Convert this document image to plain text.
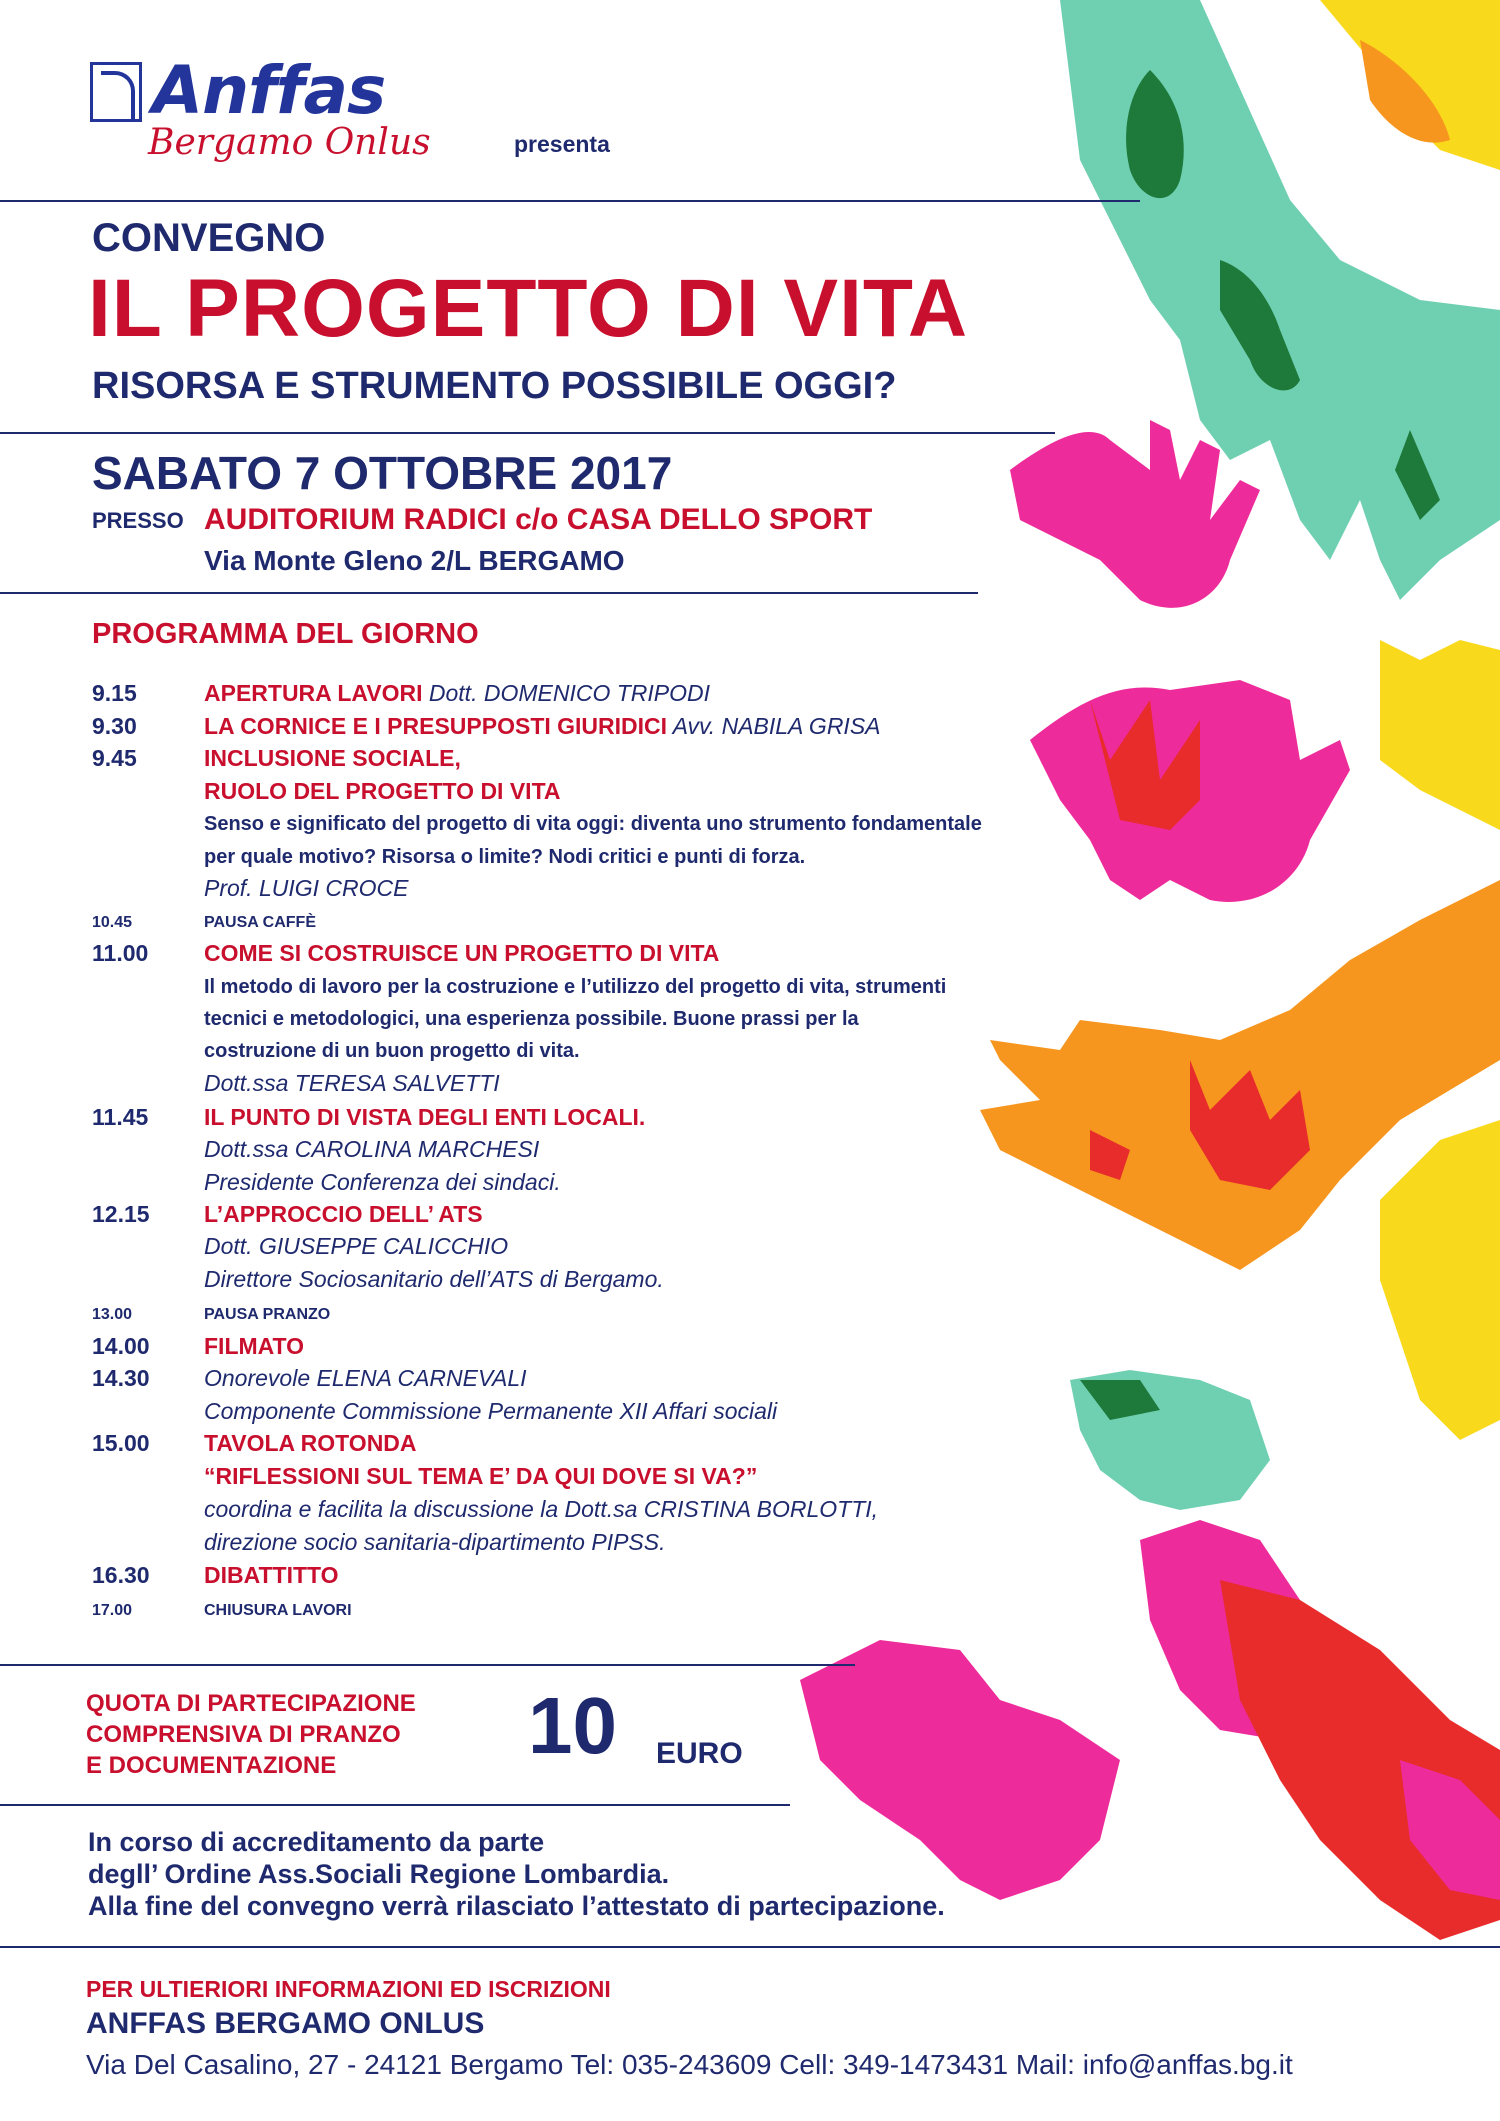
Anffas
Bergamo Onlus	presenta
CONVEGNO
IL PROGETTO DI VITA
RISORSA E STRUMENTO POSSIBILE OGGI?
SABATO 7 OTTOBRE 2017
PRESSO AUDITORIUM RADICI c/o CASA DELLO SPORT
Via Monte Gleno 2/L BERGAMO
PROGRAMMA DEL GIORNO
9.15	APERTURA LAVORI Dott. DOMENICO TRIPODI
9.30	LA CORNICE E I PRESUPPOSTI GIURIDICI Avv. NABILA GRISA
9.45	INCLUSIONE SOCIALE,
RUOLO DEL PROGETTO DI VITA
Senso e significato del progetto di vita oggi: diventa uno strumento fondamentale
per quale motivo? Risorsa o limite? Nodi critici e punti di forza.
Prof. LUIGI CROCE
10.45	PAUSA CAFFÈ
11.00 COME SI COSTRUISCE UN PROGETTO DI VITA
Il metodo di lavoro per la costruzione e l’utilizzo del progetto di vita, strumenti
tecnici e metodologici, una esperienza possibile. Buone prassi per la
costruzione di un buon progetto di vita.
Dott.ssa TERESA SALVETTI
11.45 IL PUNTO DI VISTA DEGLI ENTI LOCALI.
Dott.ssa CAROLINA MARCHESI
Presidente Conferenza dei sindaci.
12.15 L’APPROCCIO DELL’ ATS
Dott. GIUSEPPE CALICCHIO
Direttore Sociosanitario dell’ATS di Bergamo.
13.00	PAUSA PRANZO
14.00 FILMATO
14.30 Onorevole ELENA CARNEVALI
Componente Commissione Permanente XII Affari sociali
15.00 TAVOLA ROTONDA
“RIFLESSIONI SUL TEMA E’ DA QUI DOVE SI VA?”
coordina e facilita la discussione la Dott.sa CRISTINA BORLOTTI,
direzione socio sanitaria-dipartimento PIPSS.
16.30 DIBATTITTO
17.00	CHIUSURA LAVORI
QUOTA DI PARTECIPAZIONE
COMPRENSIVA DI PRANZO
E DOCUMENTAZIONE	10 EURO
In corso di accreditamento da parte
degll’ Ordine Ass.Sociali Regione Lombardia.
Alla fine del convegno verrà rilasciato l’attestato di partecipazione.
PER ULTIERIORI INFORMAZIONI ED ISCRIZIONI
ANFFAS BERGAMO ONLUS
Via Del Casalino, 27 - 24121 Bergamo Tel: 035-243609 Cell: 349-1473431 Mail: info@anffas.bg.it
